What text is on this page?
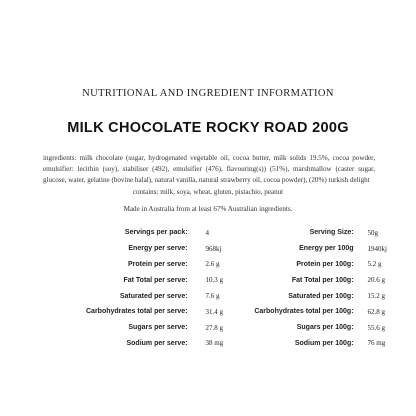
NUTRITIONAL AND INGREDIENT INFORMATION
MILK CHOCOLATE ROCKY ROAD 200G

ingredients: milk chocolate (sugar, hydrogenated vegetable oil, cocoa butter, milk solids 19.5%, cocoa powder, emulsifier: lecithin (soy), stabiliser (492), emulsifier (476), flavouring(s)) (51%), marshmallow (caster sugar, glucose, water, gelatine (bovine halal), natural vanilla, natural strawberry oil, cocoa powder), (20%) turkish delight

contains: milk, soya, wheat, gluten, pistachio, peanut

Made in Australia from at least 67% Australian ingredients.

Servings per pack:	4	Serving Size:	50g
Energy per serve:	968kj	Energy per 100g	1940kj
Protein per serve:	2.6 g	Protein per 100g:	5.2 g
Fat Total per serve:	10.3 g	Fat Total per 100g:	20.6 g
Saturated per serve:	7.6 g	Saturated per 100g:	15.2 g
Carbohydrates total per serve:	31.4 g	Carbohydrates total per 100g:	62.8 g
Sugars per serve:	27.8 g	Sugars per 100g:	55.6 g
Sodium per serve:	38 mg	Sodium per 100g:	76 mg
